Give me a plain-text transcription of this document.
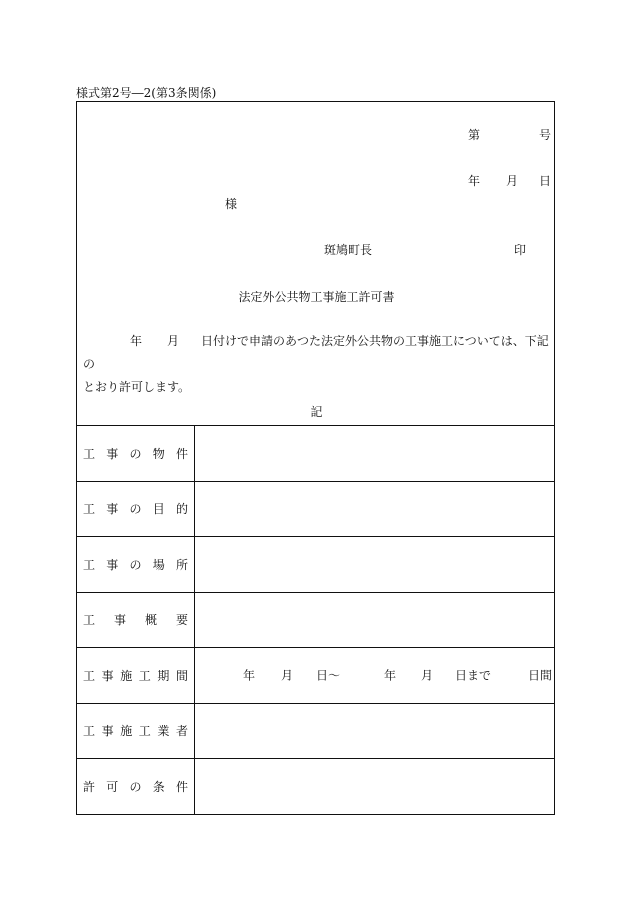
様式第2号―2(第3条関係)
第	号
年 月 日
様
斑鳩町長	印
法定外公共物工事施工許可書
年 月 日付けで申請のあつた法定外公共物の工事施工については、下記の
とおり許可します。
記
工 事 の 物 件
工 事 の 目 的
工 事 の 場 所
工 事 概 要
工 事 施 工 期 間	年 月 日～	年 月 日まで	日間
工 事 施 工 業 者
許 可 の 条 件
